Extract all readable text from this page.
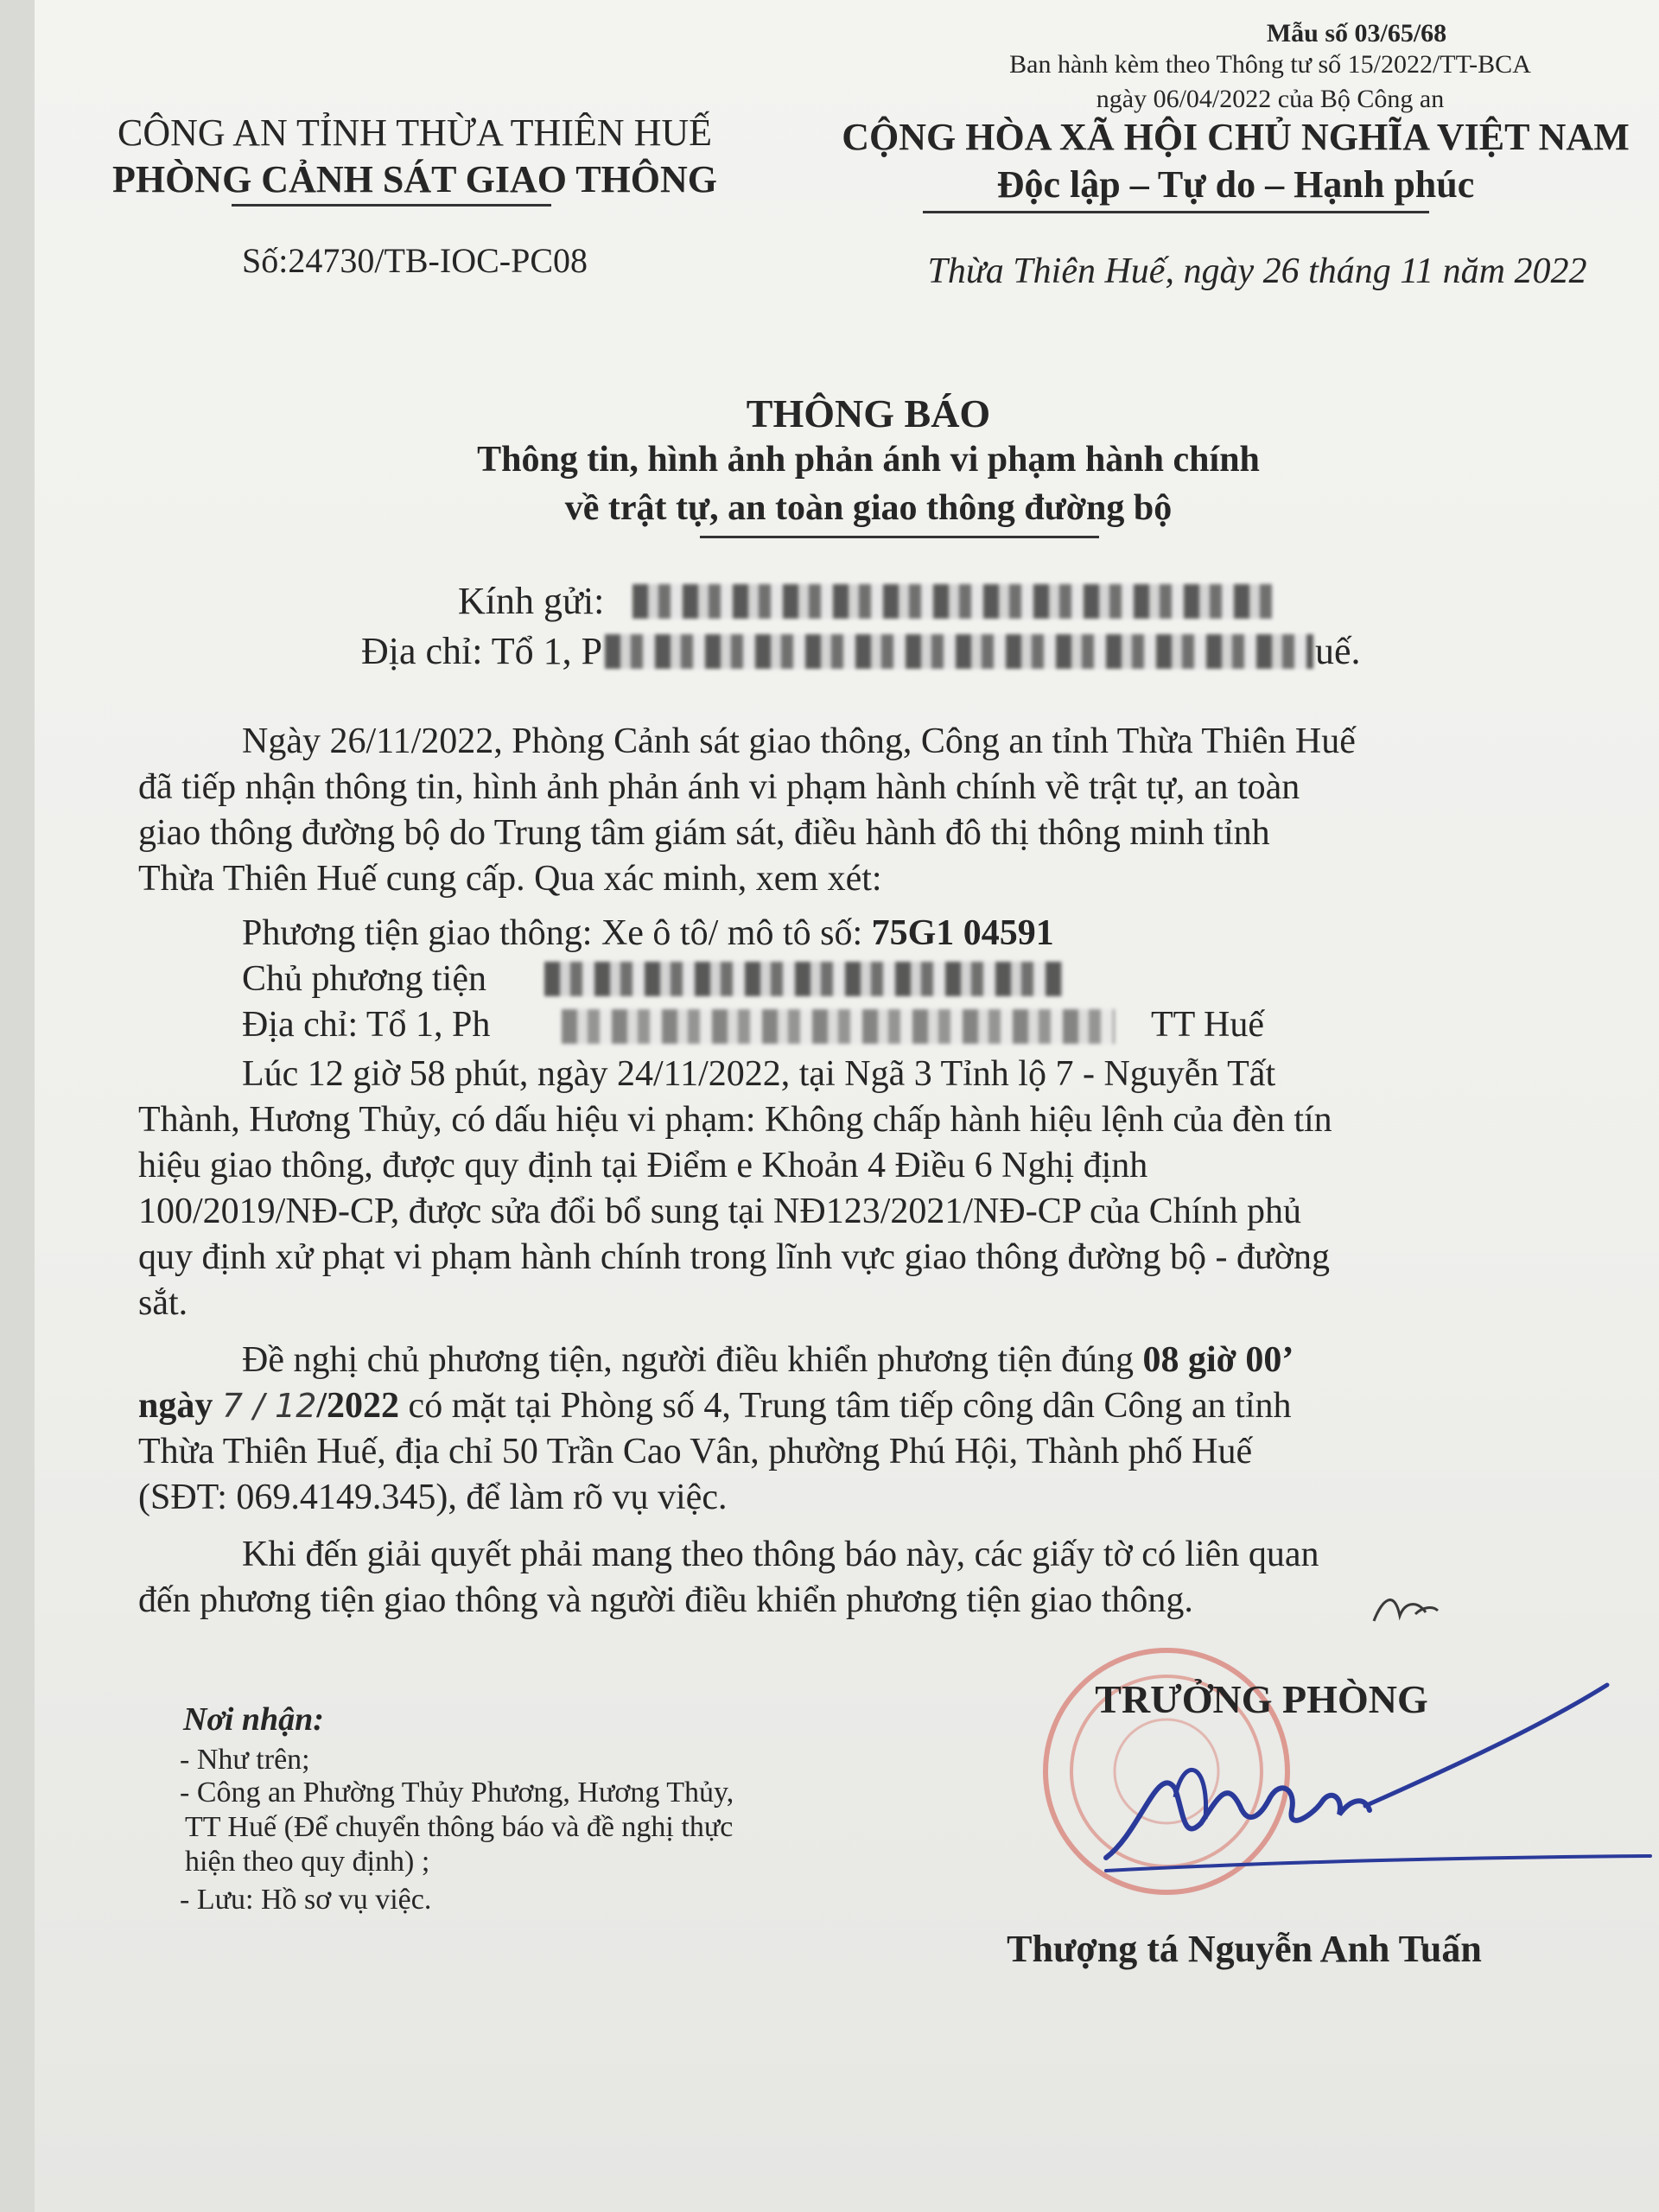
Mẫu số 03/65/68
Ban hành kèm theo Thông tư số 15/2022/TT-BCA
ngày 06/04/2022 của Bộ Công an
CÔNG AN TỈNH THỪA THIÊN HUẾ
PHÒNG CẢNH SÁT GIAO THÔNG
Số:24730/TB-IOC-PC08
CỘNG HÒA XÃ HỘI CHỦ NGHĨA VIỆT NAM
Độc lập – Tự do – Hạnh phúc
Thừa Thiên Huế, ngày 26 tháng 11 năm 2022
THÔNG BÁO
Thông tin, hình ảnh phản ánh vi phạm hành chính
về trật tự, an toàn giao thông đường bộ
Kính gửi:
Địa chỉ: Tổ 1, P	uế.
Ngày 26/11/2022, Phòng Cảnh sát giao thông, Công an tỉnh Thừa Thiên Huế
đã tiếp nhận thông tin, hình ảnh phản ánh vi phạm hành chính về trật tự, an toàn
giao thông đường bộ do Trung tâm giám sát, điều hành đô thị thông minh tỉnh
Thừa Thiên Huế cung cấp. Qua xác minh, xem xét:
Phương tiện giao thông: Xe ô tô/ mô tô số: 75G1 04591
Chủ phương tiện
Địa chỉ: Tổ 1, Ph	TT Huế
Lúc 12 giờ 58 phút, ngày 24/11/2022, tại Ngã 3 Tỉnh lộ 7 - Nguyễn Tất
Thành, Hương Thủy, có dấu hiệu vi phạm: Không chấp hành hiệu lệnh của đèn tín
hiệu giao thông, được quy định tại Điểm e Khoản 4 Điều 6 Nghị định
100/2019/NĐ-CP, được sửa đổi bổ sung tại NĐ123/2021/NĐ-CP của Chính phủ
quy định xử phạt vi phạm hành chính trong lĩnh vực giao thông đường bộ - đường
sắt.
Đề nghị chủ phương tiện, người điều khiển phương tiện đúng 08 giờ 00’
ngày 7 / 12/2022 có mặt tại Phòng số 4, Trung tâm tiếp công dân Công an tỉnh
Thừa Thiên Huế, địa chỉ 50 Trần Cao Vân, phường Phú Hội, Thành phố Huế
(SĐT: 069.4149.345), để làm rõ vụ việc.
Khi đến giải quyết phải mang theo thông báo này, các giấy tờ có liên quan
đến phương tiện giao thông và người điều khiển phương tiện giao thông.
Nơi nhận:
- Như trên;
- Công an Phường Thủy Phương, Hương Thủy,
TT Huế (Để chuyển thông báo và đề nghị thực
hiện theo quy định) ;
- Lưu: Hồ sơ vụ việc.
TRƯỞNG PHÒNG
Thượng tá Nguyễn Anh Tuấn
